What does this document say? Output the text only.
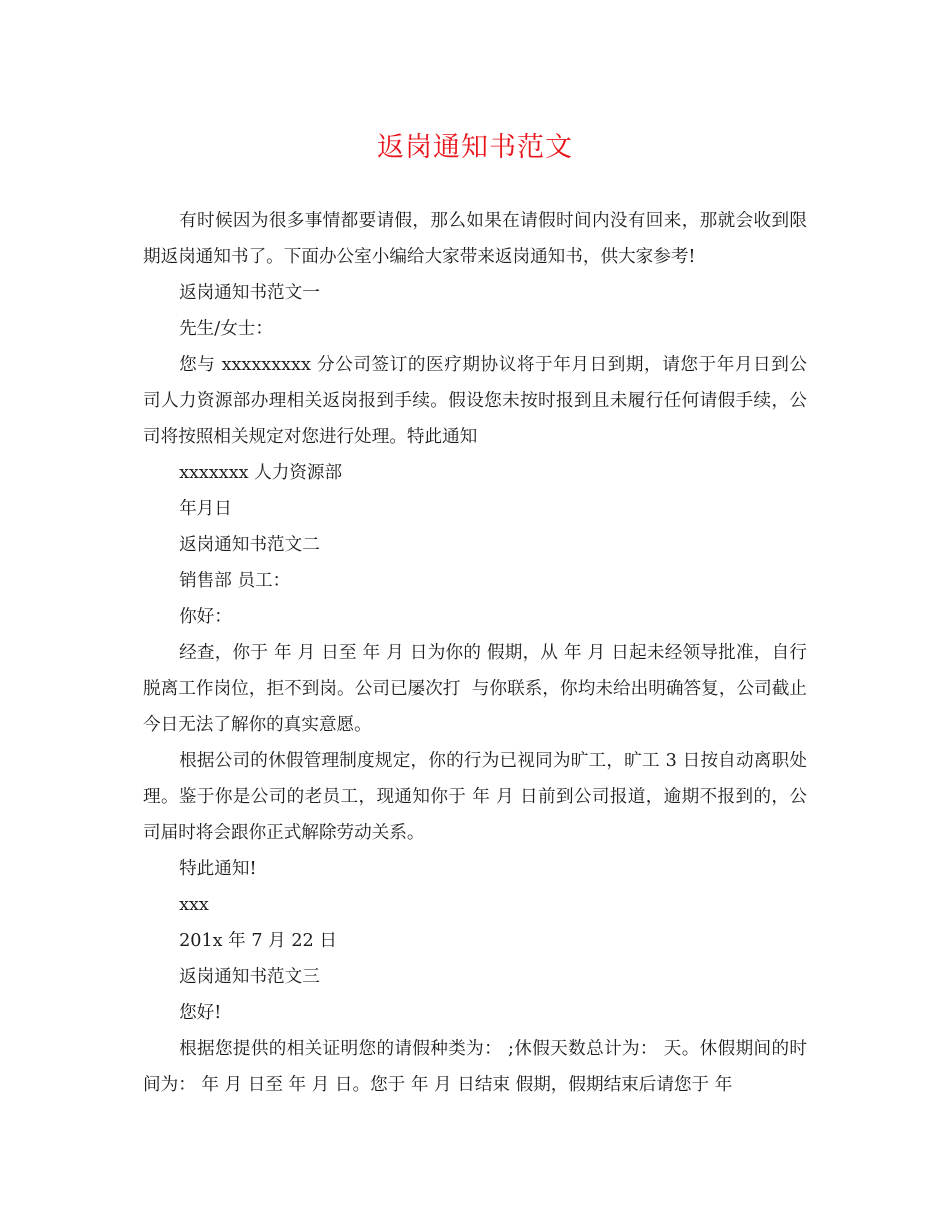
返岗通知书范文

有时候因为很多事情都要请假，那么如果在请假时间内没有回来，那就会收到限期返岗通知书了。下面办公室小编给大家带来返岗通知书，供大家参考!

返岗通知书范文一

先生/女士：

您与 xxxxxxxxx 分公司签订的医疗期协议将于年月日到期，请您于年月日到公司人力资源部办理相关返岗报到手续。假设您未按时报到且未履行任何请假手续，公司将按照相关规定对您进行处理。特此通知

xxxxxxx 人力资源部

年月日

返岗通知书范文二

销售部 员工：

你好：

经查，你于 年 月 日至 年 月 日为你的 假期，从 年 月 日起未经领导批准，自行脱离工作岗位，拒不到岗。公司已屡次打  与你联系，你均未给出明确答复，公司截止今日无法了解你的真实意愿。

根据公司的休假管理制度规定，你的行为已视同为旷工，旷工 3 日按自动离职处理。鉴于你是公司的老员工，现通知你于 年 月 日前到公司报道，逾期不报到的，公司届时将会跟你正式解除劳动关系。

特此通知!

xxx

201x 年 7 月 22 日

返岗通知书范文三

您好!

根据您提供的相关证明您的请假种类为： ;休假天数总计为： 天。休假期间的时间为： 年 月 日至 年 月 日。您于 年 月 日结束 假期，假期结束后请您于 年
